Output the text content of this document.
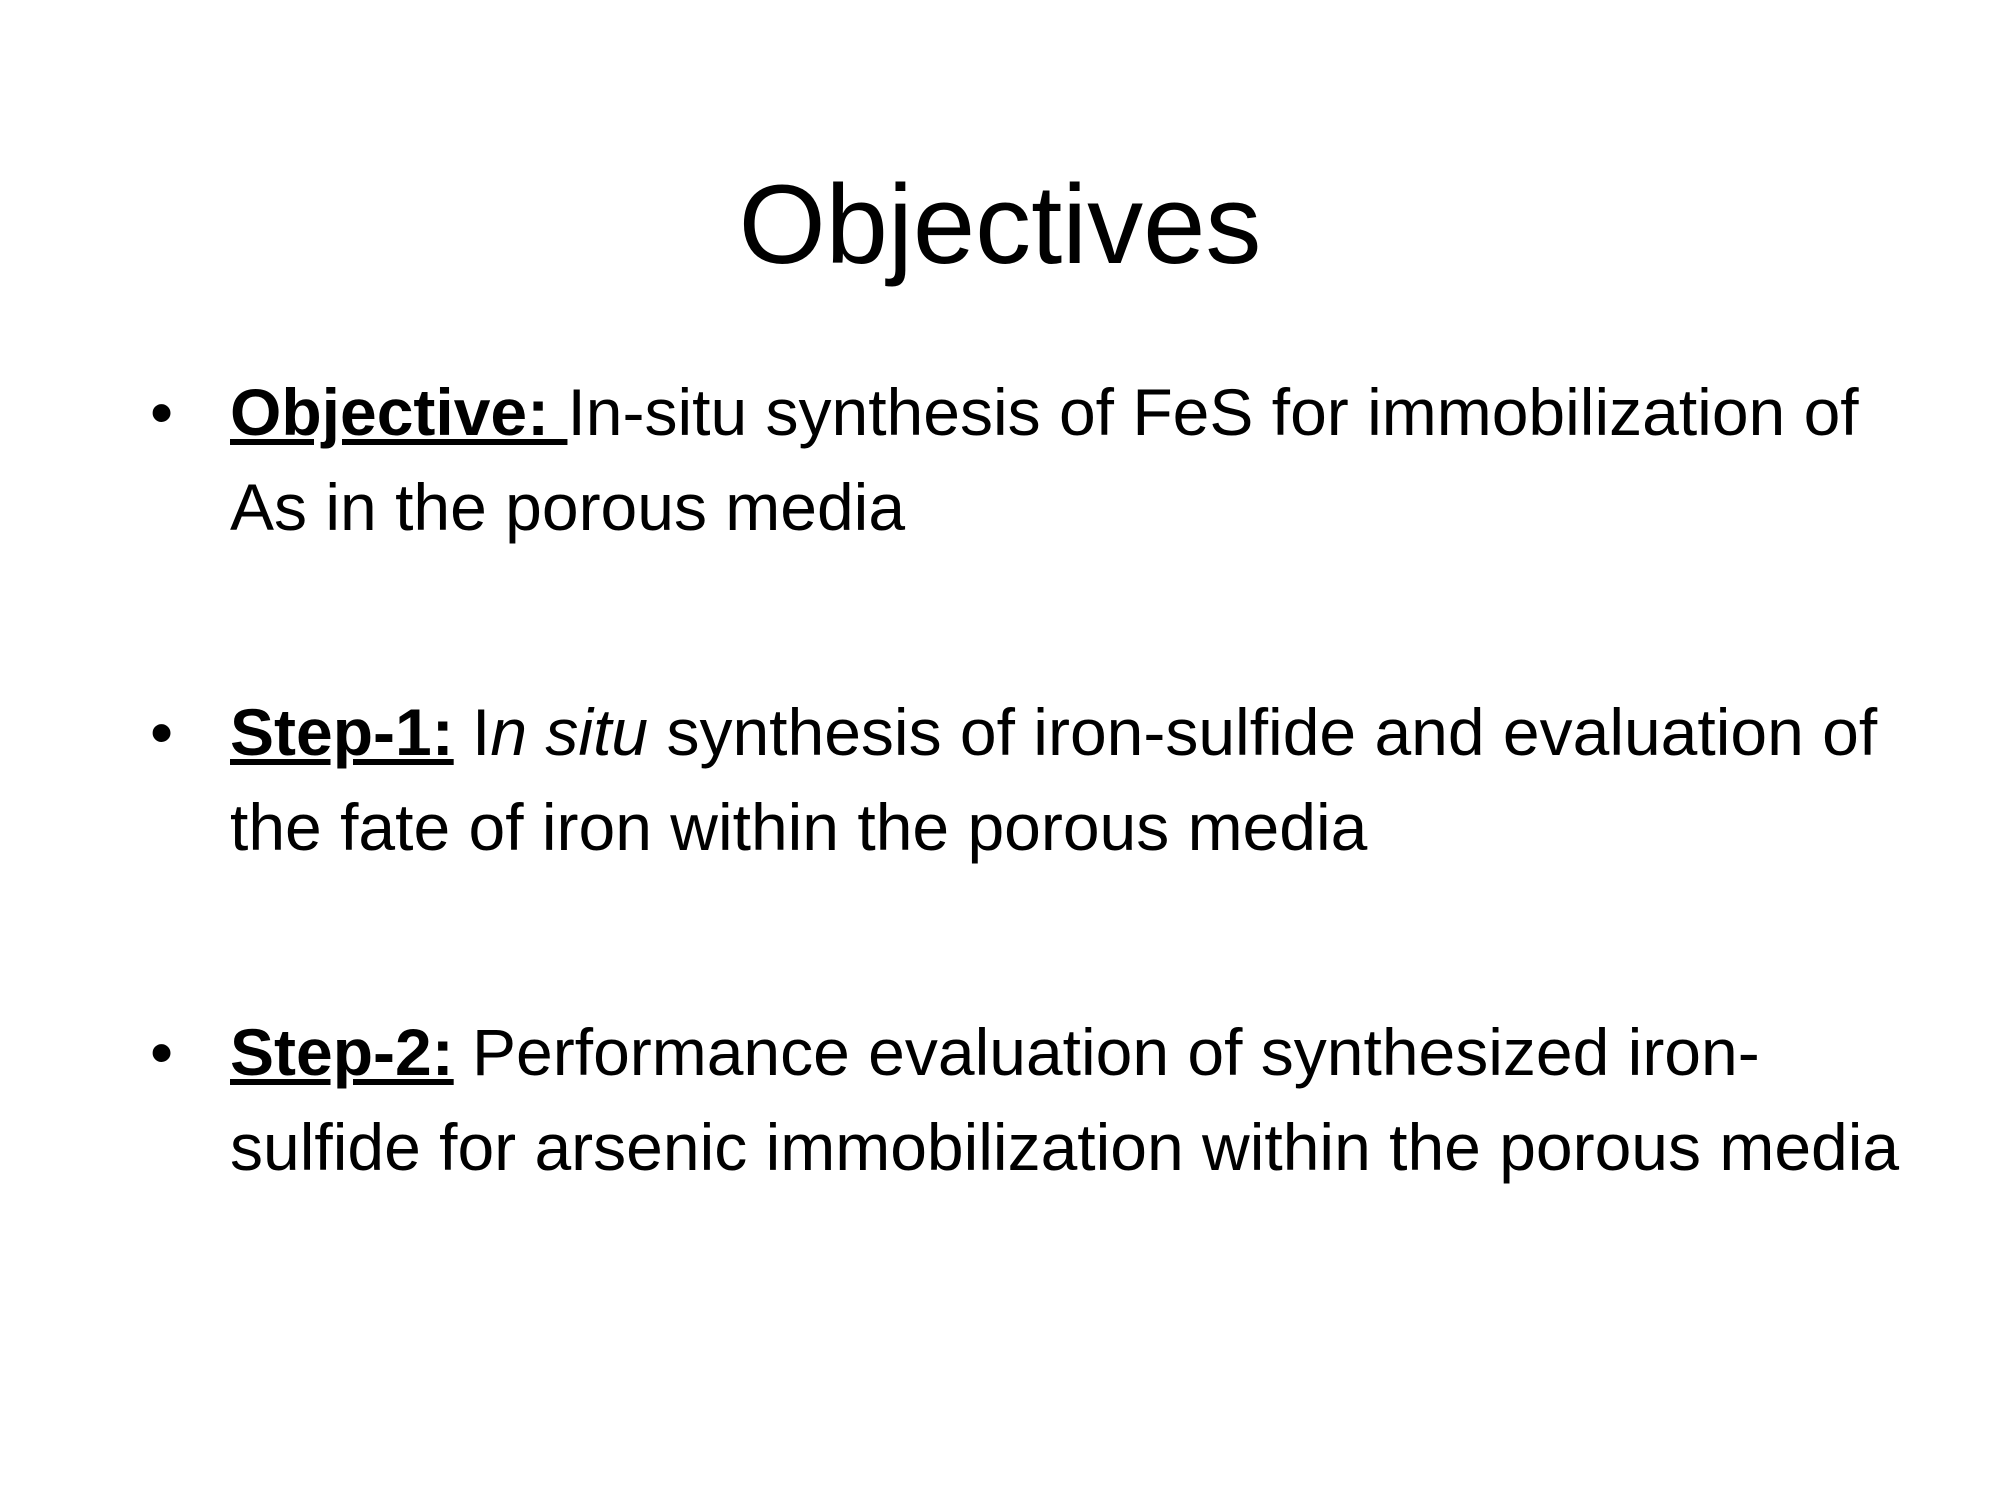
Objectives
• Objective: In-situ synthesis of FeS for immobilization of As in the porous media
• Step-1: In situ synthesis of iron-sulfide and evaluation of the fate of iron within the porous media
• Step-2: Performance evaluation of synthesized iron-sulfide for arsenic immobilization within the porous media
